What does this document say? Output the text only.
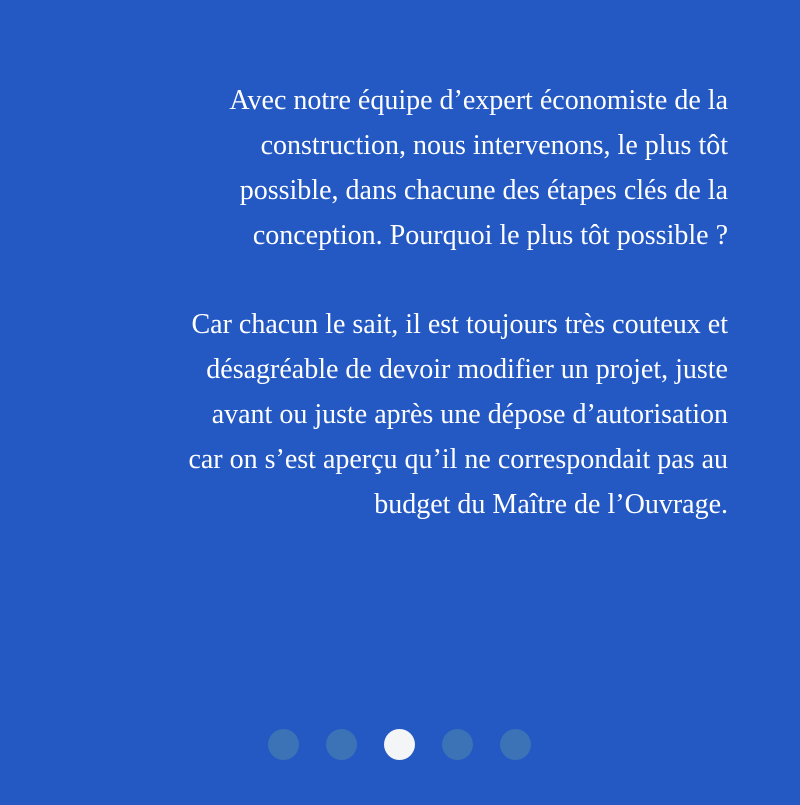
Avec notre équipe d’expert économiste de la
construction, nous intervenons, le plus tôt
possible, dans chacune des étapes clés de la
conception. Pourquoi le plus tôt possible ?

Car chacun le sait, il est toujours très couteux et
désagréable de devoir modifier un projet, juste
avant ou juste après une dépose d’autorisation
car on s’est aperçu qu’il ne correspondait pas au
budget du Maître de l’Ouvrage.
